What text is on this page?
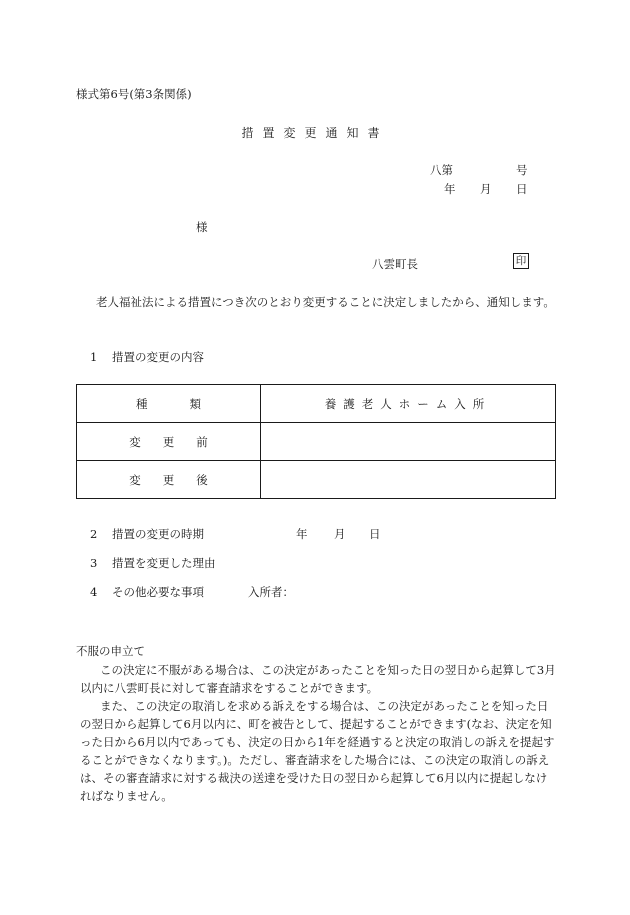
様式第6号(第3条関係)
措置変更通知書
八第	号
年 月 日
様
八雲町長	印
老人福祉法による措置につき次のとおり変更することに決定しましたから、通知します。
1 措置の変更の内容
種類	養護老人ホーム入所
変更前	
変更後	
2 措置の変更の時期	年 月 日
3 措置を変更した理由
4 その他必要な事項	入所者：
不服の申立て
この決定に不服がある場合は、この決定があったことを知った日の翌日から起算して3月以内に八雲町長に対して審査請求をすることができます。
また、この決定の取消しを求める訴えをする場合は、この決定があったことを知った日の翌日から起算して6月以内に、町を被告として、提起することができます(なお、決定を知った日から6月以内であっても、決定の日から1年を経過すると決定の取消しの訴えを提起することができなくなります。)。ただし、審査請求をした場合には、この決定の取消しの訴えは、その審査請求に対する裁決の送達を受けた日の翌日から起算して6月以内に提起しなければなりません。
